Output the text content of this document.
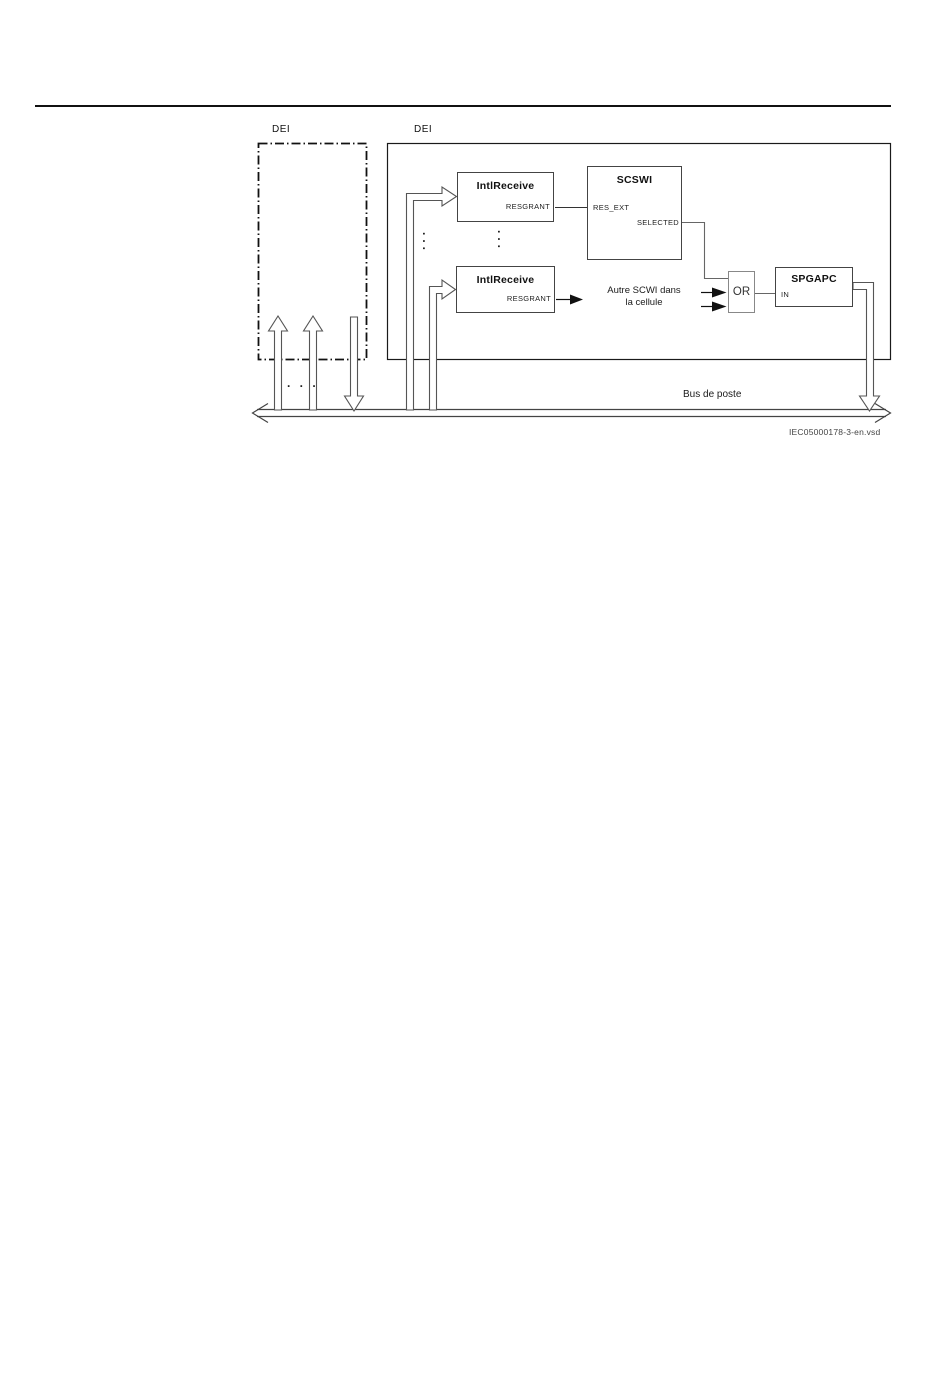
DEI	DEI
IntlReceive
RESGRANT
IntlReceive
RESGRANT
SCSWI
RES_EXT
SELECTED
OR
SPGAPC
IN
Autre SCWI dans
la cellule
Bus de poste
. . .
...	...
IEC05000178-3-en.vsd
